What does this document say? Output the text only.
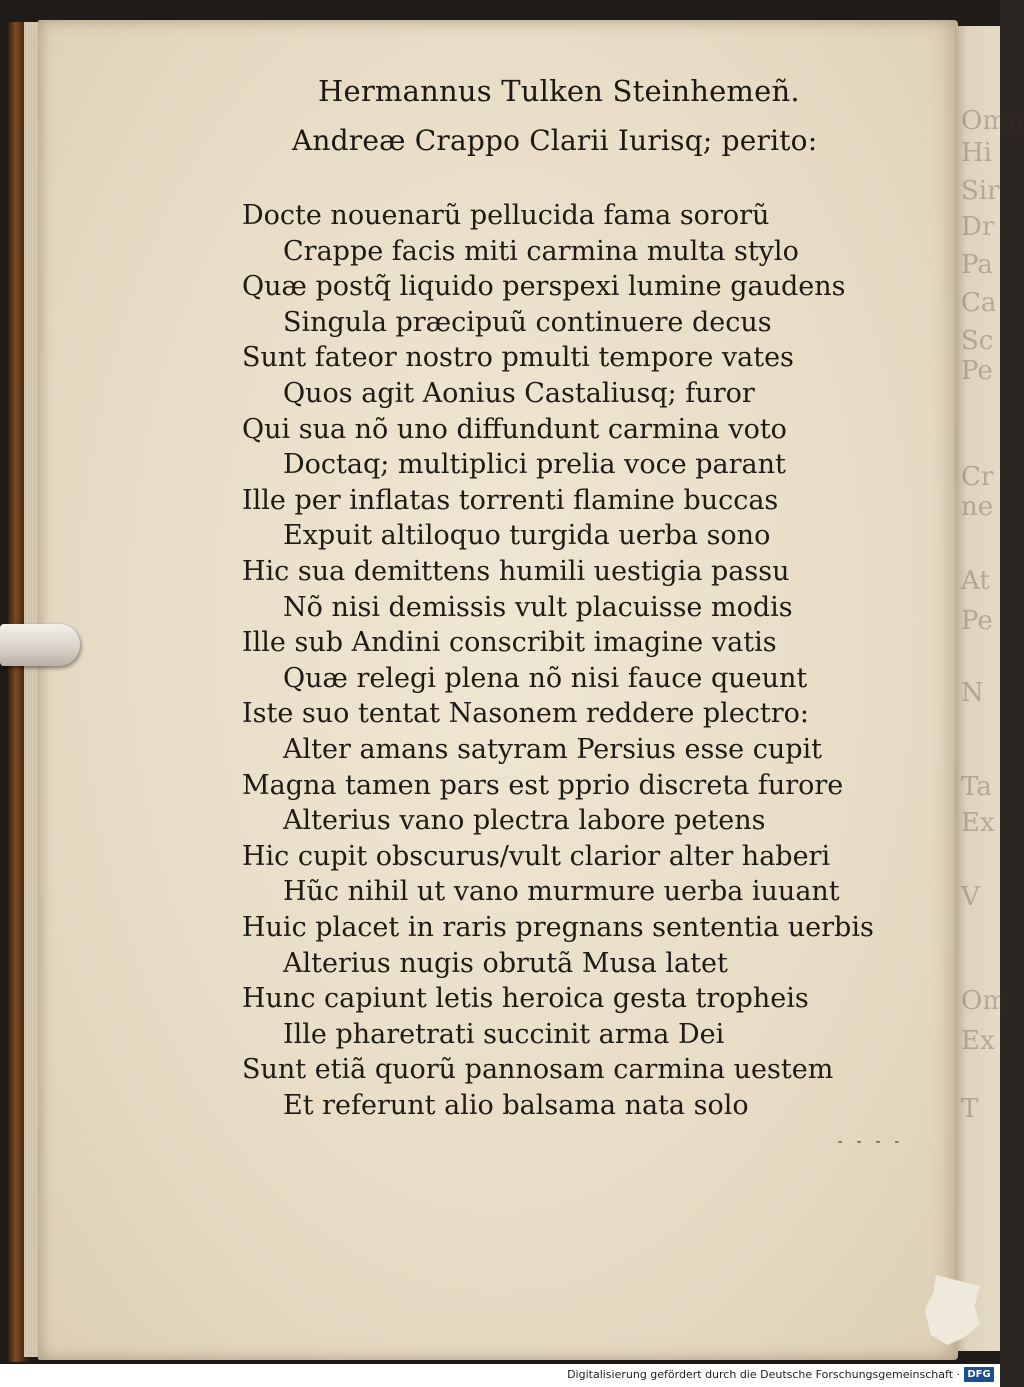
Omn
Hi
Sir
Dr
Pa
Ca
Sc
Pe
Cr
ne
At
Pe
N
Ta
Ex
V
Om
Ex
T
Hermannus Tulken Steinhemeñ.
Andreæ Crappo Clarii Iurisq; perito:
Docte nouenarũ pellucida fama sororũ
Crappe facis miti carmina multa stylo
Quæ postq̃ liquido perspexi lumine gaudens
Singula præcipuũ continuere decus
Sunt fateor nostro pmulti tempore vates
Quos agit Aonius Castaliusq; furor
Qui sua nõ uno diffundunt carmina voto
Doctaq; multiplici prelia voce parant
Ille per inflatas torrenti flamine buccas
Expuit altiloquo turgida uerba sono
Hic sua demittens humili uestigia passu
Nõ nisi demissis vult placuisse modis
Ille sub Andini conscribit imagine vatis
Quæ relegi plena nõ nisi fauce queunt
Iste suo tentat Nasonem reddere plectro:
Alter amans satyram Persius esse cupit
Magna tamen pars est pprio discreta furore
Alterius vano plectra labore petens
Hic cupit obscurus/vult clarior alter haberi
Hũc nihil ut vano murmure uerba iuuant
Huic placet in raris pregnans sententia uerbis
Alterius nugis obrutã Musa latet
Hunc capiunt letis heroica gesta tropheis
Ille pharetrati succinit arma Dei
Sunt etiã quorũ pannosam carmina uestem
Et referunt alio balsama nata solo
- - - -
Digitalisierung gefördert durch die Deutsche Forschungsgemeinschaft · DFG
